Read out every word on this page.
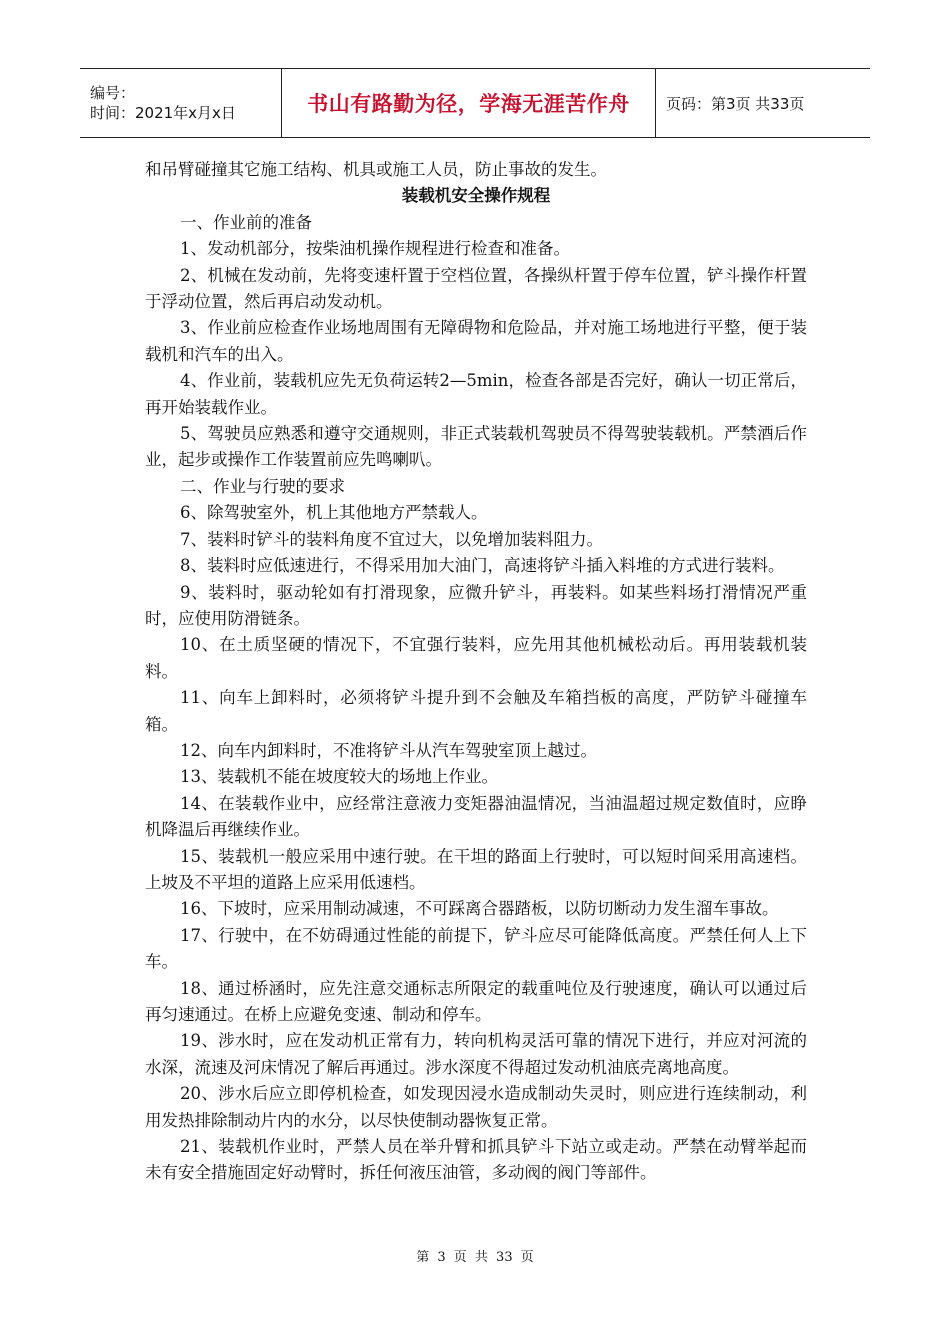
编号：
时间：2021年x月x日	书山有路勤为径，学海无涯苦作舟	页码：第3页 共33页

和吊臂碰撞其它施工结构、机具或施工人员，防止事故的发生。

装载机安全操作规程

一、作业前的准备

1、发动机部分，按柴油机操作规程进行检查和准备。

2、机械在发动前，先将变速杆置于空档位置，各操纵杆置于停车位置，铲斗操作杆置于浮动位置，然后再启动发动机。

3、作业前应检查作业场地周围有无障碍物和危险品，并对施工场地进行平整，便于装载机和汽车的出入。

4、作业前，装载机应先无负荷运转2—5min，检查各部是否完好，确认一切正常后，再开始装载作业。

5、驾驶员应熟悉和遵守交通规则，非正式装载机驾驶员不得驾驶装载机。严禁酒后作业，起步或操作工作装置前应先鸣喇叭。

二、作业与行驶的要求

6、除驾驶室外，机上其他地方严禁载人。

7、装料时铲斗的装料角度不宜过大，以免增加装料阻力。

8、装料时应低速进行，不得采用加大油门，高速将铲斗插入料堆的方式进行装料。

9、装料时，驱动轮如有打滑现象，应微升铲斗，再装料。如某些料场打滑情况严重时，应使用防滑链条。

10、在土质坚硬的情况下，不宜强行装料，应先用其他机械松动后。再用装载机装料。

11、向车上卸料时，必须将铲斗提升到不会触及车箱挡板的高度，严防铲斗碰撞车箱。

12、向车内卸料时，不准将铲斗从汽车驾驶室顶上越过。

13、装载机不能在坡度较大的场地上作业。

14、在装载作业中，应经常注意液力变矩器油温情况，当油温超过规定数值时，应睁机降温后再继续作业。

15、装载机一般应采用中速行驶。在干坦的路面上行驶时，可以短时间采用高速档。上坡及不平坦的道路上应采用低速档。

16、下坡时，应采用制动减速，不可踩离合器踏板，以防切断动力发生溜车事故。

17、行驶中，在不妨碍通过性能的前提下，铲斗应尽可能降低高度。严禁任何人上下车。

18、通过桥涵时，应先注意交通标志所限定的载重吨位及行驶速度，确认可以通过后再匀速通过。在桥上应避免变速、制动和停车。

19、涉水时，应在发动机正常有力，转向机构灵活可靠的情况下进行，并应对河流的水深，流速及河床情况了解后再通过。涉水深度不得超过发动机油底壳离地高度。

20、涉水后应立即停机检查，如发现因浸水造成制动失灵时，则应进行连续制动，利用发热排除制动片内的水分，以尽快使制动器恢复正常。

21、装载机作业时，严禁人员在举升臂和抓具铲斗下站立或走动。严禁在动臂举起而未有安全措施固定好动臂时，拆任何液压油管，多动阀的阀门等部件。

第 3 页 共 33 页
